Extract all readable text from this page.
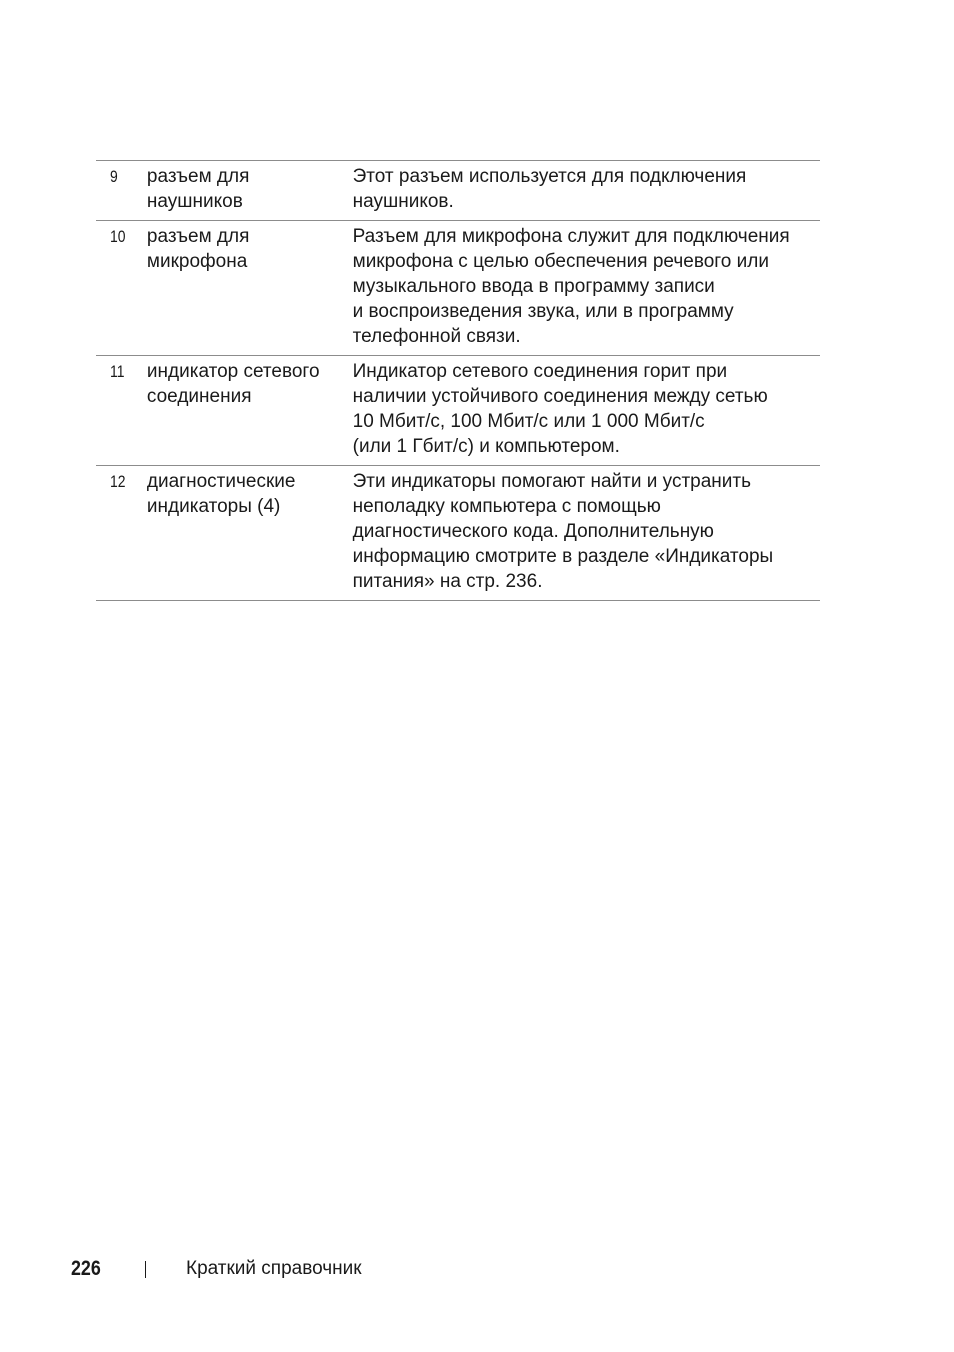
9	разъем для наушников	Этот разъем используется для подключения
наушников.
10	разъем для микрофона	Разъем для микрофона служит для подключения
микрофона с целью обеспечения речевого или
музыкального ввода в программу записи
и воспроизведения звука, или в программу
телефонной связи.
11	индикатор сетевого соединения	Индикатор сетевого соединения горит при
наличии устойчивого соединения между сетью
10 Мбит/с, 100 Мбит/с или 1 000 Мбит/с
(или 1 Гбит/с) и компьютером.
12	диагностические индикаторы (4)	Эти индикаторы помогают найти и устранить
неполадку компьютера с помощью
диагностического кода. Дополнительную
информацию смотрите в разделе «Индикаторы
питания» на стр. 236.
226	Краткий справочник
